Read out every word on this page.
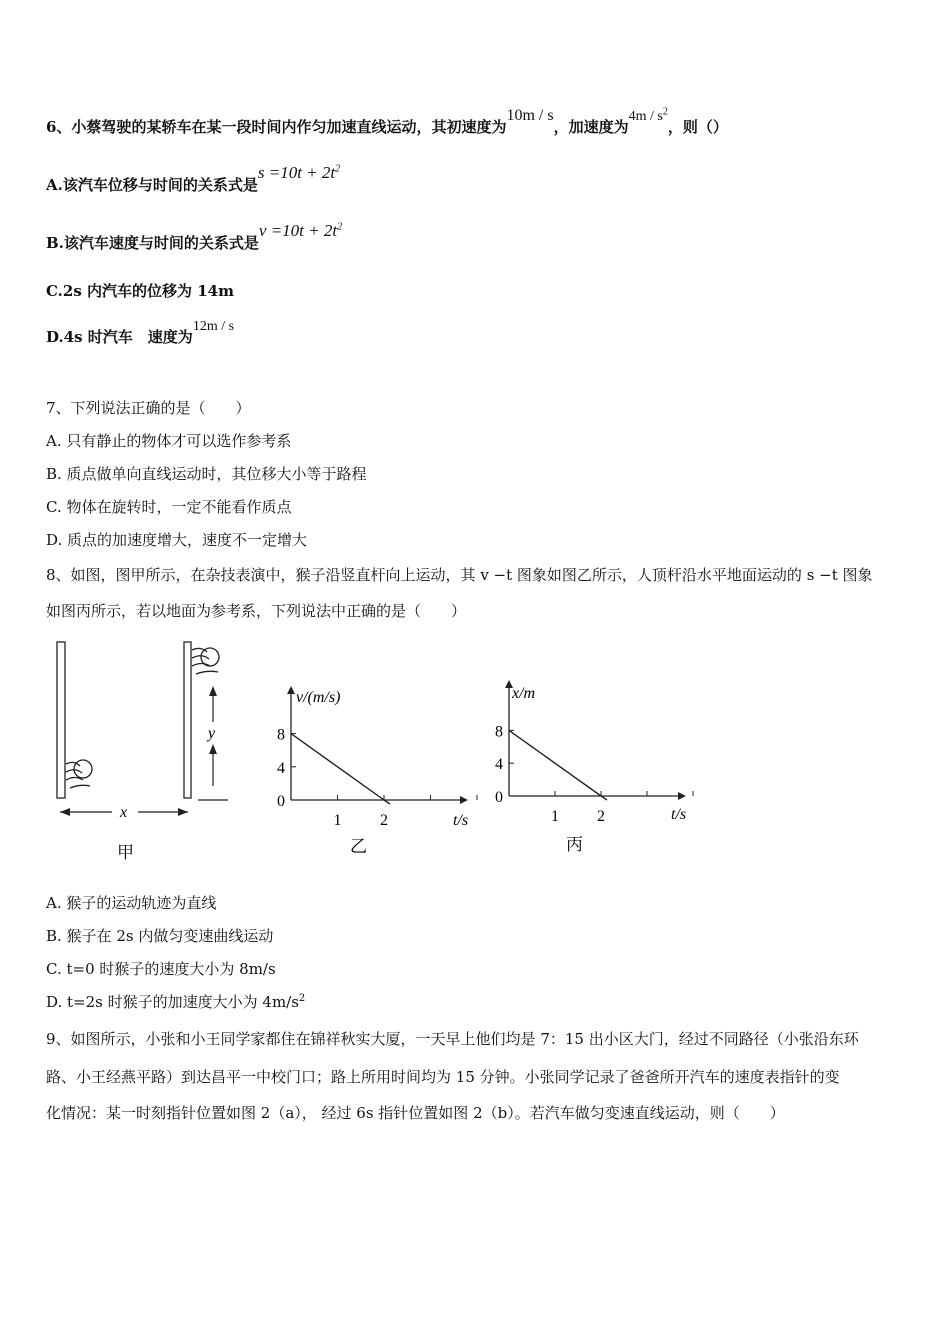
6、小蔡驾驶的某轿车在某一段时间内作匀加速直线运动，其初速度为10m / s，加速度为$4m / s^2$，则（）
A.该汽车位移与时间的关系式是$s =10t + 2t^2$
B.该汽车速度与时间的关系式是$v =10t + 2t^2$
C.2s 内汽车的位移为 14m
D.4s 时汽车　速度为12m / s
7、下列说法正确的是（　　）
A. 只有静止的物体才可以选作参考系
B. 质点做单向直线运动时，其位移大小等于路程
C. 物体在旋转时，一定不能看作质点
D. 质点的加速度增大，速度不一定增大
8、如图，图甲所示，在杂技表演中，猴子沿竖直杆向上运动，其 v −t 图象如图乙所示，人顶杆沿水平地面运动的 s −t 图象
如图丙所示，若以地面为参考系，下列说法中正确的是（　　）
y
x
甲
1 2
0
4
8
v/(m/s)
t/s
乙
1 2
0
4
8
x/m
t/s
丙
A. 猴子的运动轨迹为直线
B. 猴子在 2s 内做匀变速曲线运动
C. t=0 时猴子的速度大小为 8m/s
D. t=2s 时猴子的加速度大小为 $4m/s^2$
9、如图所示，小张和小王同学家都住在锦祥秋实大厦，一天早上他们均是 7：15 出小区大门，经过不同路径（小张沿东环
路、小王经燕平路）到达昌平一中校门口；路上所用时间均为 15 分钟。小张同学记录了爸爸所开汽车的速度表指针的变
化情况：某一时刻指针位置如图 2（a）， 经过 6s 指针位置如图 2（b）。若汽车做匀变速直线运动，则（　　）
